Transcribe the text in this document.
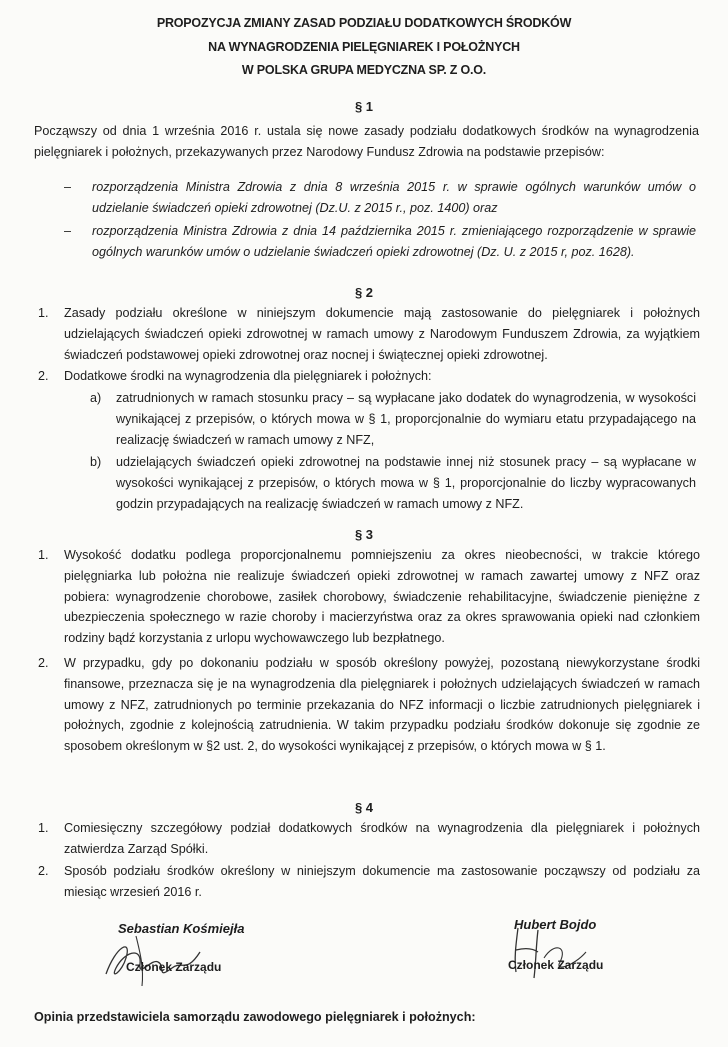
PROPOZYCJA ZMIANY ZASAD PODZIAŁU DODATKOWYCH ŚRODKÓW
NA WYNAGRODZENIA PIELĘGNIAREK I POŁOŻNYCH
W POLSKA GRUPA MEDYCZNA SP. Z O.O.
§ 1
Począwszy od dnia 1 września 2016 r. ustala się nowe zasady podziału dodatkowych środków na wynagrodzenia pielęgniarek i położnych, przekazywanych przez Narodowy Fundusz Zdrowia na podstawie przepisów:
– rozporządzenia Ministra Zdrowia z dnia 8 września 2015 r. w sprawie ogólnych warunków umów o udzielanie świadczeń opieki zdrowotnej (Dz.U. z 2015 r., poz. 1400) oraz
– rozporządzenia Ministra Zdrowia z dnia 14 października 2015 r. zmieniającego rozporządzenie w sprawie ogólnych warunków umów o udzielanie świadczeń opieki zdrowotnej (Dz. U. z 2015 r, poz. 1628).
§ 2
1. Zasady podziału określone w niniejszym dokumencie mają zastosowanie do pielęgniarek i położnych udzielających świadczeń opieki zdrowotnej w ramach umowy z Narodowym Funduszem Zdrowia, za wyjątkiem świadczeń podstawowej opieki zdrowotnej oraz nocnej i świątecznej opieki zdrowotnej.
2. Dodatkowe środki na wynagrodzenia dla pielęgniarek i położnych:
a) zatrudnionych w ramach stosunku pracy – są wypłacane jako dodatek do wynagrodzenia, w wysokości wynikającej z przepisów, o których mowa w § 1, proporcjonalnie do wymiaru etatu przypadającego na realizację świadczeń w ramach umowy z NFZ,
b) udzielających świadczeń opieki zdrowotnej na podstawie innej niż stosunek pracy – są wypłacane w wysokości wynikającej z przepisów, o których mowa w § 1, proporcjonalnie do liczby wypracowanych godzin przypadających na realizację świadczeń w ramach umowy z NFZ.
§ 3
1. Wysokość dodatku podlega proporcjonalnemu pomniejszeniu za okres nieobecności, w trakcie którego pielęgniarka lub położna nie realizuje świadczeń opieki zdrowotnej w ramach zawartej umowy z NFZ oraz pobiera: wynagrodzenie chorobowe, zasiłek chorobowy, świadczenie rehabilitacyjne, świadczenie pieniężne z ubezpieczenia społecznego w razie choroby i macierzyństwa oraz za okres sprawowania opieki nad członkiem rodziny bądź korzystania z urlopu wychowawczego lub bezpłatnego.
2. W przypadku, gdy po dokonaniu podziału w sposób określony powyżej, pozostaną niewykorzystane środki finansowe, przeznacza się je na wynagrodzenia dla pielęgniarek i położnych udzielających świadczeń w ramach umowy z NFZ, zatrudnionych po terminie przekazania do NFZ informacji o liczbie zatrudnionych pielęgniarek i położnych, zgodnie z kolejnością zatrudnienia. W takim przypadku podziału środków dokonuje się zgodnie ze sposobem określonym w §2 ust. 2, do wysokości wynikającej z przepisów, o których mowa w § 1.
§ 4
1. Comiesięczny szczegółowy podział dodatkowych środków na wynagrodzenia dla pielęgniarek i położnych zatwierdza Zarząd Spółki.
2. Sposób podziału środków określony w niniejszym dokumencie ma zastosowanie począwszy od podziału za miesiąc wrzesień 2016 r.
Sebastian Kośmiejła
Członek Zarządu
Hubert Bojdo
Członek Zarządu
Opinia przedstawiciela samorządu zawodowego pielęgniarek i położnych:
